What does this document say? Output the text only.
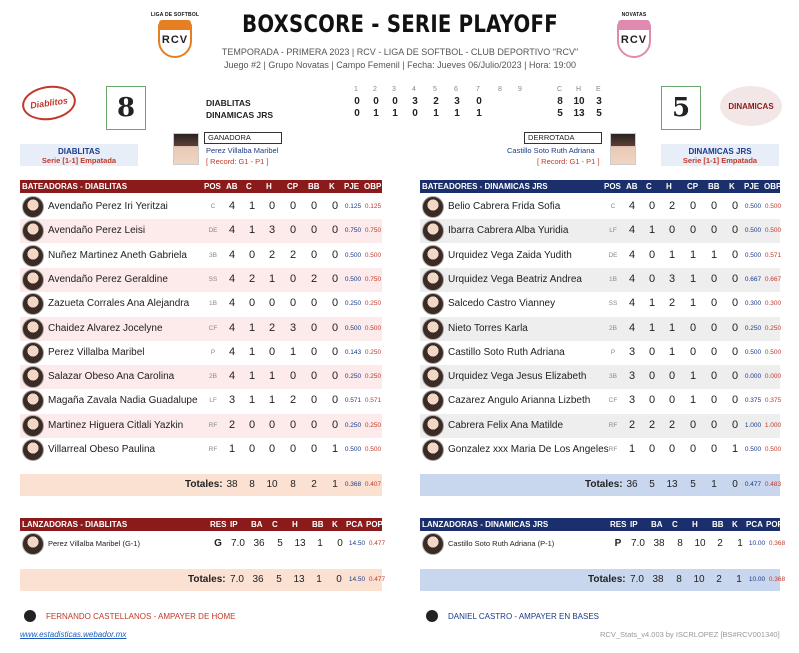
LIGA DE SOFTBOL
RCV
NOVATAS
RCV
BOXSCORE - SERIE PLAYOFF
TEMPORADA - PRIMERA 2023 | RCV - LIGA DE SOFTBOL - CLUB DEPORTIVO "RCV"
Juego #2 | Grupo Novatas | Campo Femenil | Fecha: Jueves 06/Julio/2023 | Hora: 19:00
Diablitos	DINAMICAS
8	5
1 2 3 4 5 6	7	8 9	C H E
DIABLITAS	0	0	0	3	2	3	0	8	10	3
DINAMICAS JRS	0	1	1	0	1	1	1	5	13	5
DIABLITAS
Serie [1-1] Empatada
DINAMICAS JRS
Serie [1-1] Empatada
GANADORA
Perez Villalba Maribel
[ Record: G1 - P1 ]
DERROTADA
Castillo Soto Ruth Adriana
[ Record: G1 - P1 ]
BATEADORAS - DIABLITAS	POS AB C H CP BB K PJE OBP
Avendaño Perez Iri Yeritzai	C	4	1	0	0	0	0	0.125 0.125
Avendaño Perez Leisi	DE	4	1	3	0	0	0	0.750 0.750
Nuñez Martinez Aneth Gabriela	3B	4	0	2	2	0	0	0.500 0.500
Avendaño Perez Geraldine	SS	4	2	1	0	2	0	0.500 0.750
Zazueta Corrales Ana Alejandra	1B	4	0	0	0	0	0	0.250 0.250
Chaidez Alvarez Jocelyne	CF	4	1	2	3	0	0	0.500 0.500
Perez Villalba Maribel	P	4	1	0	1	0	0	0.143 0.250
Salazar Obeso Ana Carolina	2B	4	1	1	0	0	0	0.250 0.250
Magaña Zavala Nadia Guadalupe	LF	3	1	1	2	0	0	0.571 0.571
Martinez Higuera Citlali Yazkin	RF	2	0	0	0	0	0	0.250 0.250
Villarreal Obeso Paulina	RF	1	0	0	0	0	1	0.500 0.500
Totales: 38	8	10	8	2	1	0.368 0.407
BATEADORES - DINAMICAS JRS	POS AB C H CP BB K PJE OBP
Belio Cabrera Frida Sofia	C	4	0	2	0	0	0	0.500 0.500
Ibarra Cabrera Alba Yuridia	LF	4	1	0	0	0	0	0.500 0.500
Urquidez Vega Zaida Yudith	DE	4	0	1	1	1	0	0.500 0.571
Urquidez Vega Beatriz Andrea	1B	4	0	3	1	0	0	0.667 0.667
Salcedo Castro Vianney	SS	4	1	2	1	0	0	0.300 0.300
Nieto Torres Karla	2B	4	1	1	0	0	0	0.250 0.250
Castillo Soto Ruth Adriana	P	3	0	1	0	0	0	0.500 0.500
Urquidez Vega Jesus Elizabeth	3B	3	0	0	1	0	0	0.000 0.000
Cazarez Angulo Arianna Lizbeth	CF	3	0	0	1	0	0	0.375 0.375
Cabrera Felix Ana Matilde	RF	2	2	2	0	0	0	1.000 1.000
Gonzalez xxx Maria De Los Angeles RF	1	0	0	0	0	1	0.500 0.500
Totales: 36	5	13	5	1	0	0.477 0.483
LANZADORAS - DIABLITAS	RES IP BA C H BB K PCA POP
Perez Villalba Maribel (G-1)	G 7.0 36	5	13	1	0 14.50 0.477
Totales: 7.0 36	5	13	1	0	14.50 0.477
LANZADORAS - DINAMICAS JRS	RES IP BA C H BB K PCA POP
Castillo Soto Ruth Adriana (P-1)	P 7.0 38	8	10	2	1 10.00 0.368
Totales: 7.0 38	8	10	2	1	10.00 0.368
FERNANDO CASTELLANOS - AMPAYER DE HOME	DANIEL CASTRO - AMPAYER EN BASES
www.estadisticas.webador.mx	RCV_Stats_v4.003 by ISCRLOPEZ [BS#RCV001340]
